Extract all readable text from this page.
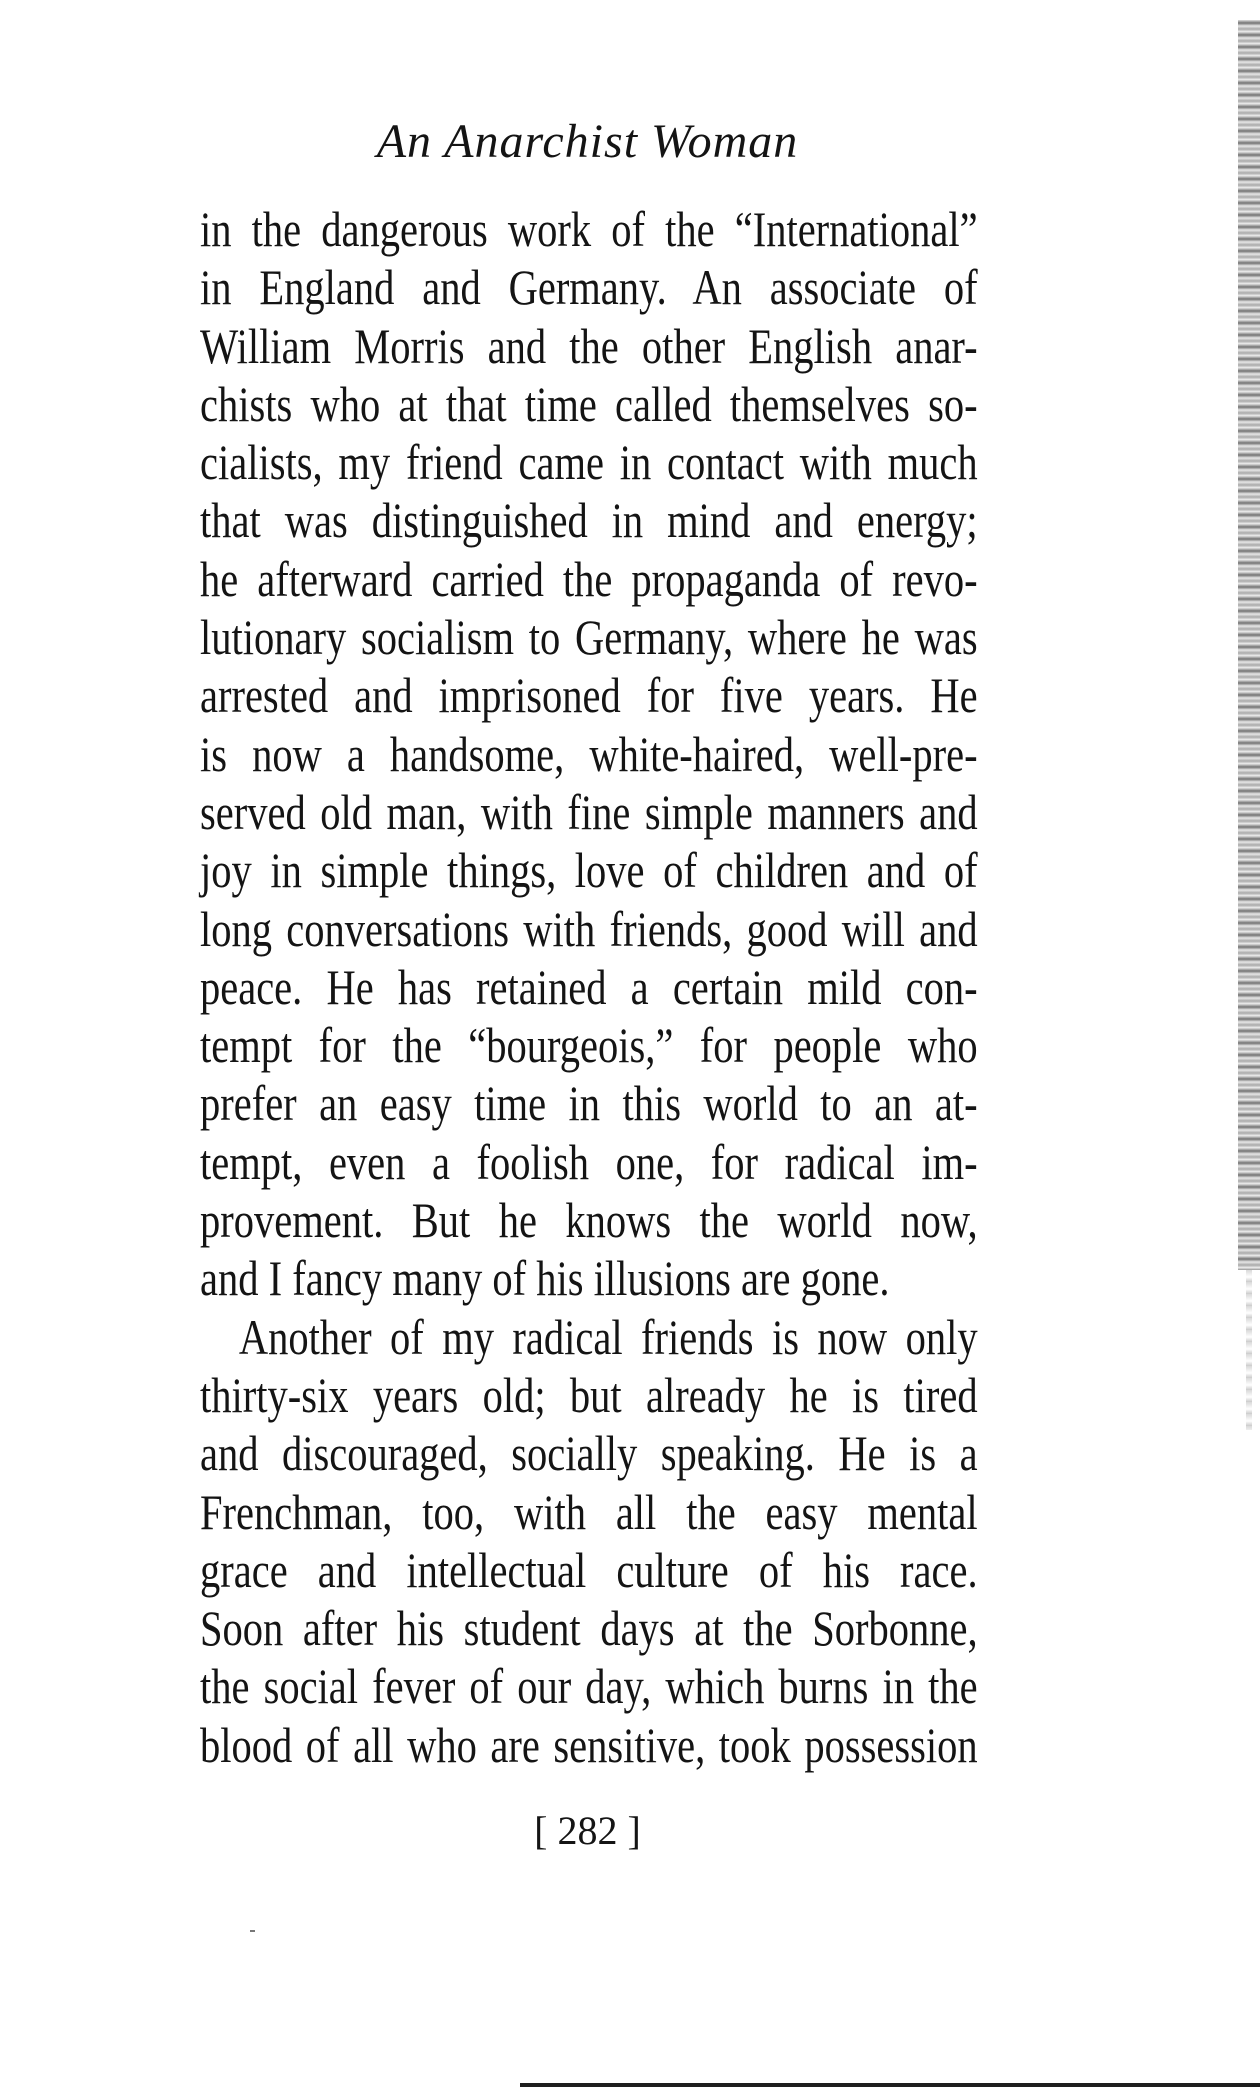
An Anarchist Woman
in the dangerous work of the “International”
in England and Germany. An associate of
William Morris and the other English anar-
chists who at that time called themselves so-
cialists, my friend came in contact with much
that was distinguished in mind and energy;
he afterward carried the propaganda of revo-
lutionary socialism to Germany, where he was
arrested and imprisoned for five years. He
is now a handsome, white-haired, well-pre-
served old man, with fine simple manners and
joy in simple things, love of children and of
long conversations with friends, good will and
peace. He has retained a certain mild con-
tempt for the “bourgeois,” for people who
prefer an easy time in this world to an at-
tempt, even a foolish one, for radical im-
provement. But he knows the world now,
and I fancy many of his illusions are gone.
Another of my radical friends is now only
thirty-six years old; but already he is tired
and discouraged, socially speaking. He is a
Frenchman, too, with all the easy mental
grace and intellectual culture of his race.
Soon after his student days at the Sorbonne,
the social fever of our day, which burns in the
blood of all who are sensitive, took possession
[ 282 ]
